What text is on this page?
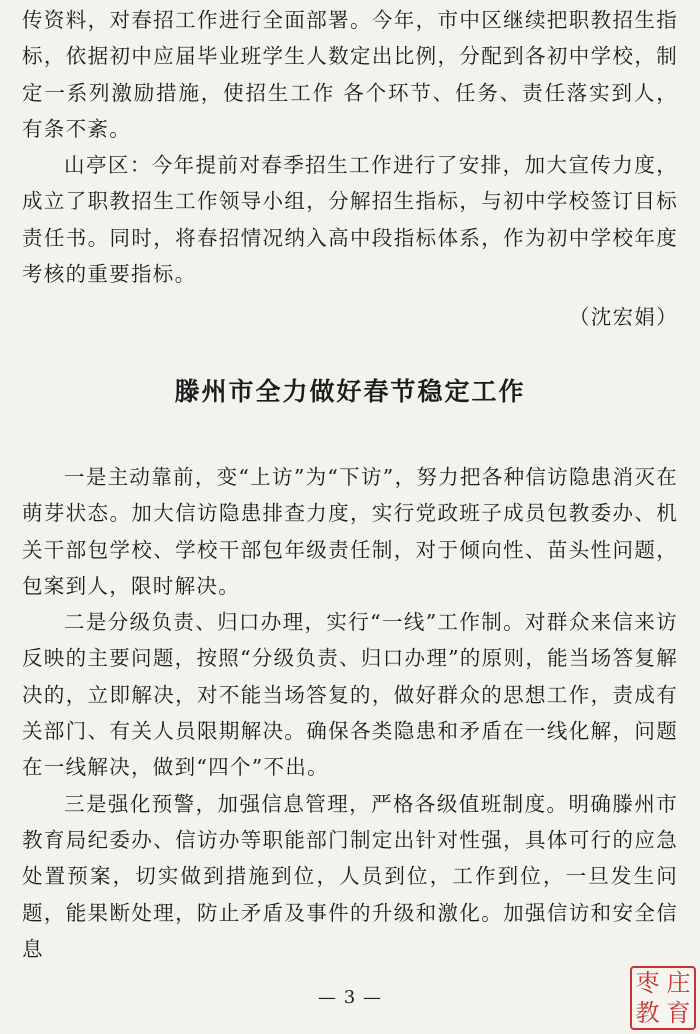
传资料，对春招工作进行全面部署。今年，市中区继续把职教招生指标，依据初中应届毕业班学生人数定出比例，分配到各初中学校，制定一系列激励措施，使招生工作 各个环节、任务、责任落实到人，有条不紊。

山亭区：今年提前对春季招生工作进行了安排，加大宣传力度，成立了职教招生工作领导小组，分解招生指标，与初中学校签订目标责任书。同时，将春招情况纳入高中段指标体系，作为初中学校年度考核的重要指标。

（沈宏娟）
滕州市全力做好春节稳定工作

一是主动靠前，变“上访”为“下访”，努力把各种信访隐患消灭在萌芽状态。加大信访隐患排查力度，实行党政班子成员包教委办、机关干部包学校、学校干部包年级责任制，对于倾向性、苗头性问题，包案到人，限时解决。

二是分级负责、归口办理，实行“一线”工作制。对群众来信来访反映的主要问题，按照“分级负责、归口办理”的原则，能当场答复解决的，立即解决，对不能当场答复的，做好群众的思想工作，责成有关部门、有关人员限期解决。确保各类隐患和矛盾在一线化解，问题在一线解决，做到“四个”不出。

三是强化预警，加强信息管理，严格各级值班制度。明确滕州市教育局纪委办、信访办等职能部门制定出针对性强，具体可行的应急处置预案，切实做到措施到位，人员到位，工作到位，一旦发生问题，能果断处理，防止矛盾及事件的升级和激化。加强信访和安全信息

— 3 —
枣 庄
教 育
